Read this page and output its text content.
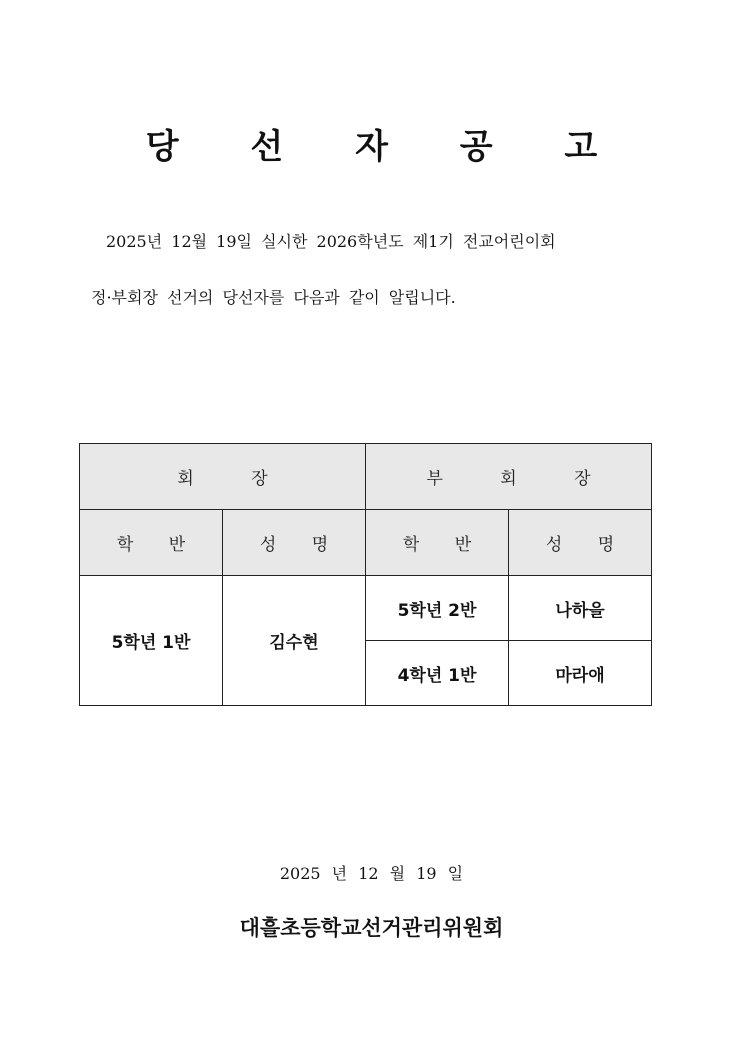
당 선 자 공 고
2025년 12월 19일 실시한 2026학년도 제1기 전교어린이회
정·부회장 선거의 당선자를 다음과 같이 알립니다.
회 장		부 회 장	
학 반	성 명	학 반	성 명
5학년 1반	김수현	5학년 2반	나하을
		4학년 1반	마라애
2025 년 12 월 19 일
대흘초등학교선거관리위원회
